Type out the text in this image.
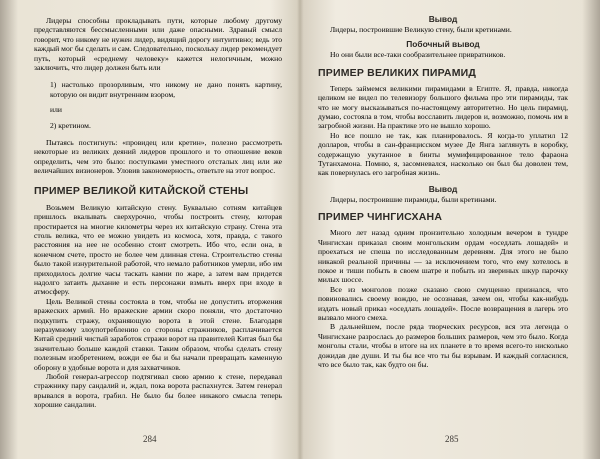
Лидеры способны прокладывать пути, которые любому другому представляются бессмысленными или даже опасными. Здравый смысл говорит, что никому не нужен лидер, видящий дорогу интуитивно; ведь это каждый мог бы сделать и сам. Следовательно, поскольку лидер рекомендует путь, который «среднему человеку» кажется нелогичным, можно заключить, что лидер должен быть или

1) настолько прозорливым, что никому не дано понять картину, которую он видит внутренним взором,

или

2) кретином.

Пытаясь постигнуть: «провидец или кретин», полезно рассмотреть некоторые из великих деяний лидеров прошлого и то отношение веков определить, чем это было: поступками уместного отсталых лиц или же величайших визионеров. Уловив закономерность, ответьте на этот вопрос.

ПРИМЕР ВЕЛИКОЙ КИТАЙСКОЙ СТЕНЫ

Возьмем Великую китайскую стену. Буквально сотням китайцев пришлось вкалывать сверхурочно, чтобы построить стену, которая простирается на многие километры через их китайскую страну. Стена эта столь велика, что ее можно увидеть из космоса, хотя, правда, с такого расстояния на нее не особенно стоит смотреть. Ибо что, если она, в конечном счете, просто не более чем длинная стена. Строительство стены было такой изнурительной работой, что немало работников умерли, ибо им приходилось долгие часы таскать камни по жаре, а затем вам придется надолго затаить дыхание и есть персонажи взмыть вверх при входе в атмосферу.

Цель Великой стены состояла в том, чтобы не допустить вторжения вражеских армий. Но вражеские армии скоро поняли, что достаточно подкупить стражу, охраняющую ворота в этой стене. Благодаря неразумному злоупотреблению со стороны стражников, расплачивается Китай средний чистый заработок стражи ворот на правителей Китая был бы значительно больше каждой ставки. Таким образом, чтобы сделать стену полезным изобретением, вожди ее бы и бы начали превращать каменную оборону в удобные ворота и для захватчиков.

Любой генерал-агрессор подтягивал свою армию к стене, передавал стражнику пару сандалий и, ждал, пока ворота распахнутся. Затем генерал врывался в ворота, грабил. Не было бы более никакого смысла теперь хорошие сандалии.

284
Вывод

Лидеры, построившие Великую стену, были кретинами.

Побочный вывод

Но они были все-таки сообразительнее привратников.

ПРИМЕР ВЕЛИКИХ ПИРАМИД

Теперь займемся великими пирамидами в Египте. Я, правда, никогда целиком не видел по телевизору большого фильма про эти пирамиды, так что не могу высказываться по-настоящему авторитетно. Но цель пирамид, думаю, состояла в том, чтобы восславить лидеров и, возможно, помочь им в загробной жизни. На практике это не вышло хорошо.

Но все пошло не так, как планировалось. Я когда-то уплатил 12 долларов, чтобы в сан-францисском музее Де Янга заглянуть в коробку, содержащую укутанное в бинты мумифицированное тело фараона Тутанхамона. Помню, я, засомневался, насколько он был бы доволен тем, как повернулась его загробная жизнь.

Вывод

Лидеры, построившие пирамиды, были кретинами.

ПРИМЕР ЧИНГИСХАНА

Много лет назад одним пронзительно холодным вечером в тундре Чингисхан приказал своим монгольским ордам «оседлать лошадей» и проехаться не спеша по исследованным деревням. Для этого не было никакой реальной причины — за исключением того, что ему хотелось в покое и тиши побыть в своем шатре и побыть из звериных шкур парочку милых шоссе.

Все из монголов позже сказано свою смущенно признался, что повиновались своему вождю, не осознавая, зачем он, чтобы как-нибудь издать новый приказ «оседлать лошадей». После возвращения в лагерь это вызвало много смеха.

В дальнейшем, после ряда творческих ресурсов, вся эта легенда о Чингисхане разрослась до размеров больших размеров, чем это было. Когда монголы стали, чтобы в итоге на их планете в то время всего-то нисколько дожидав две души. И ты бы все что ты бы взрывам. И каждый согласился, что все было так, как будто он бы.

285
